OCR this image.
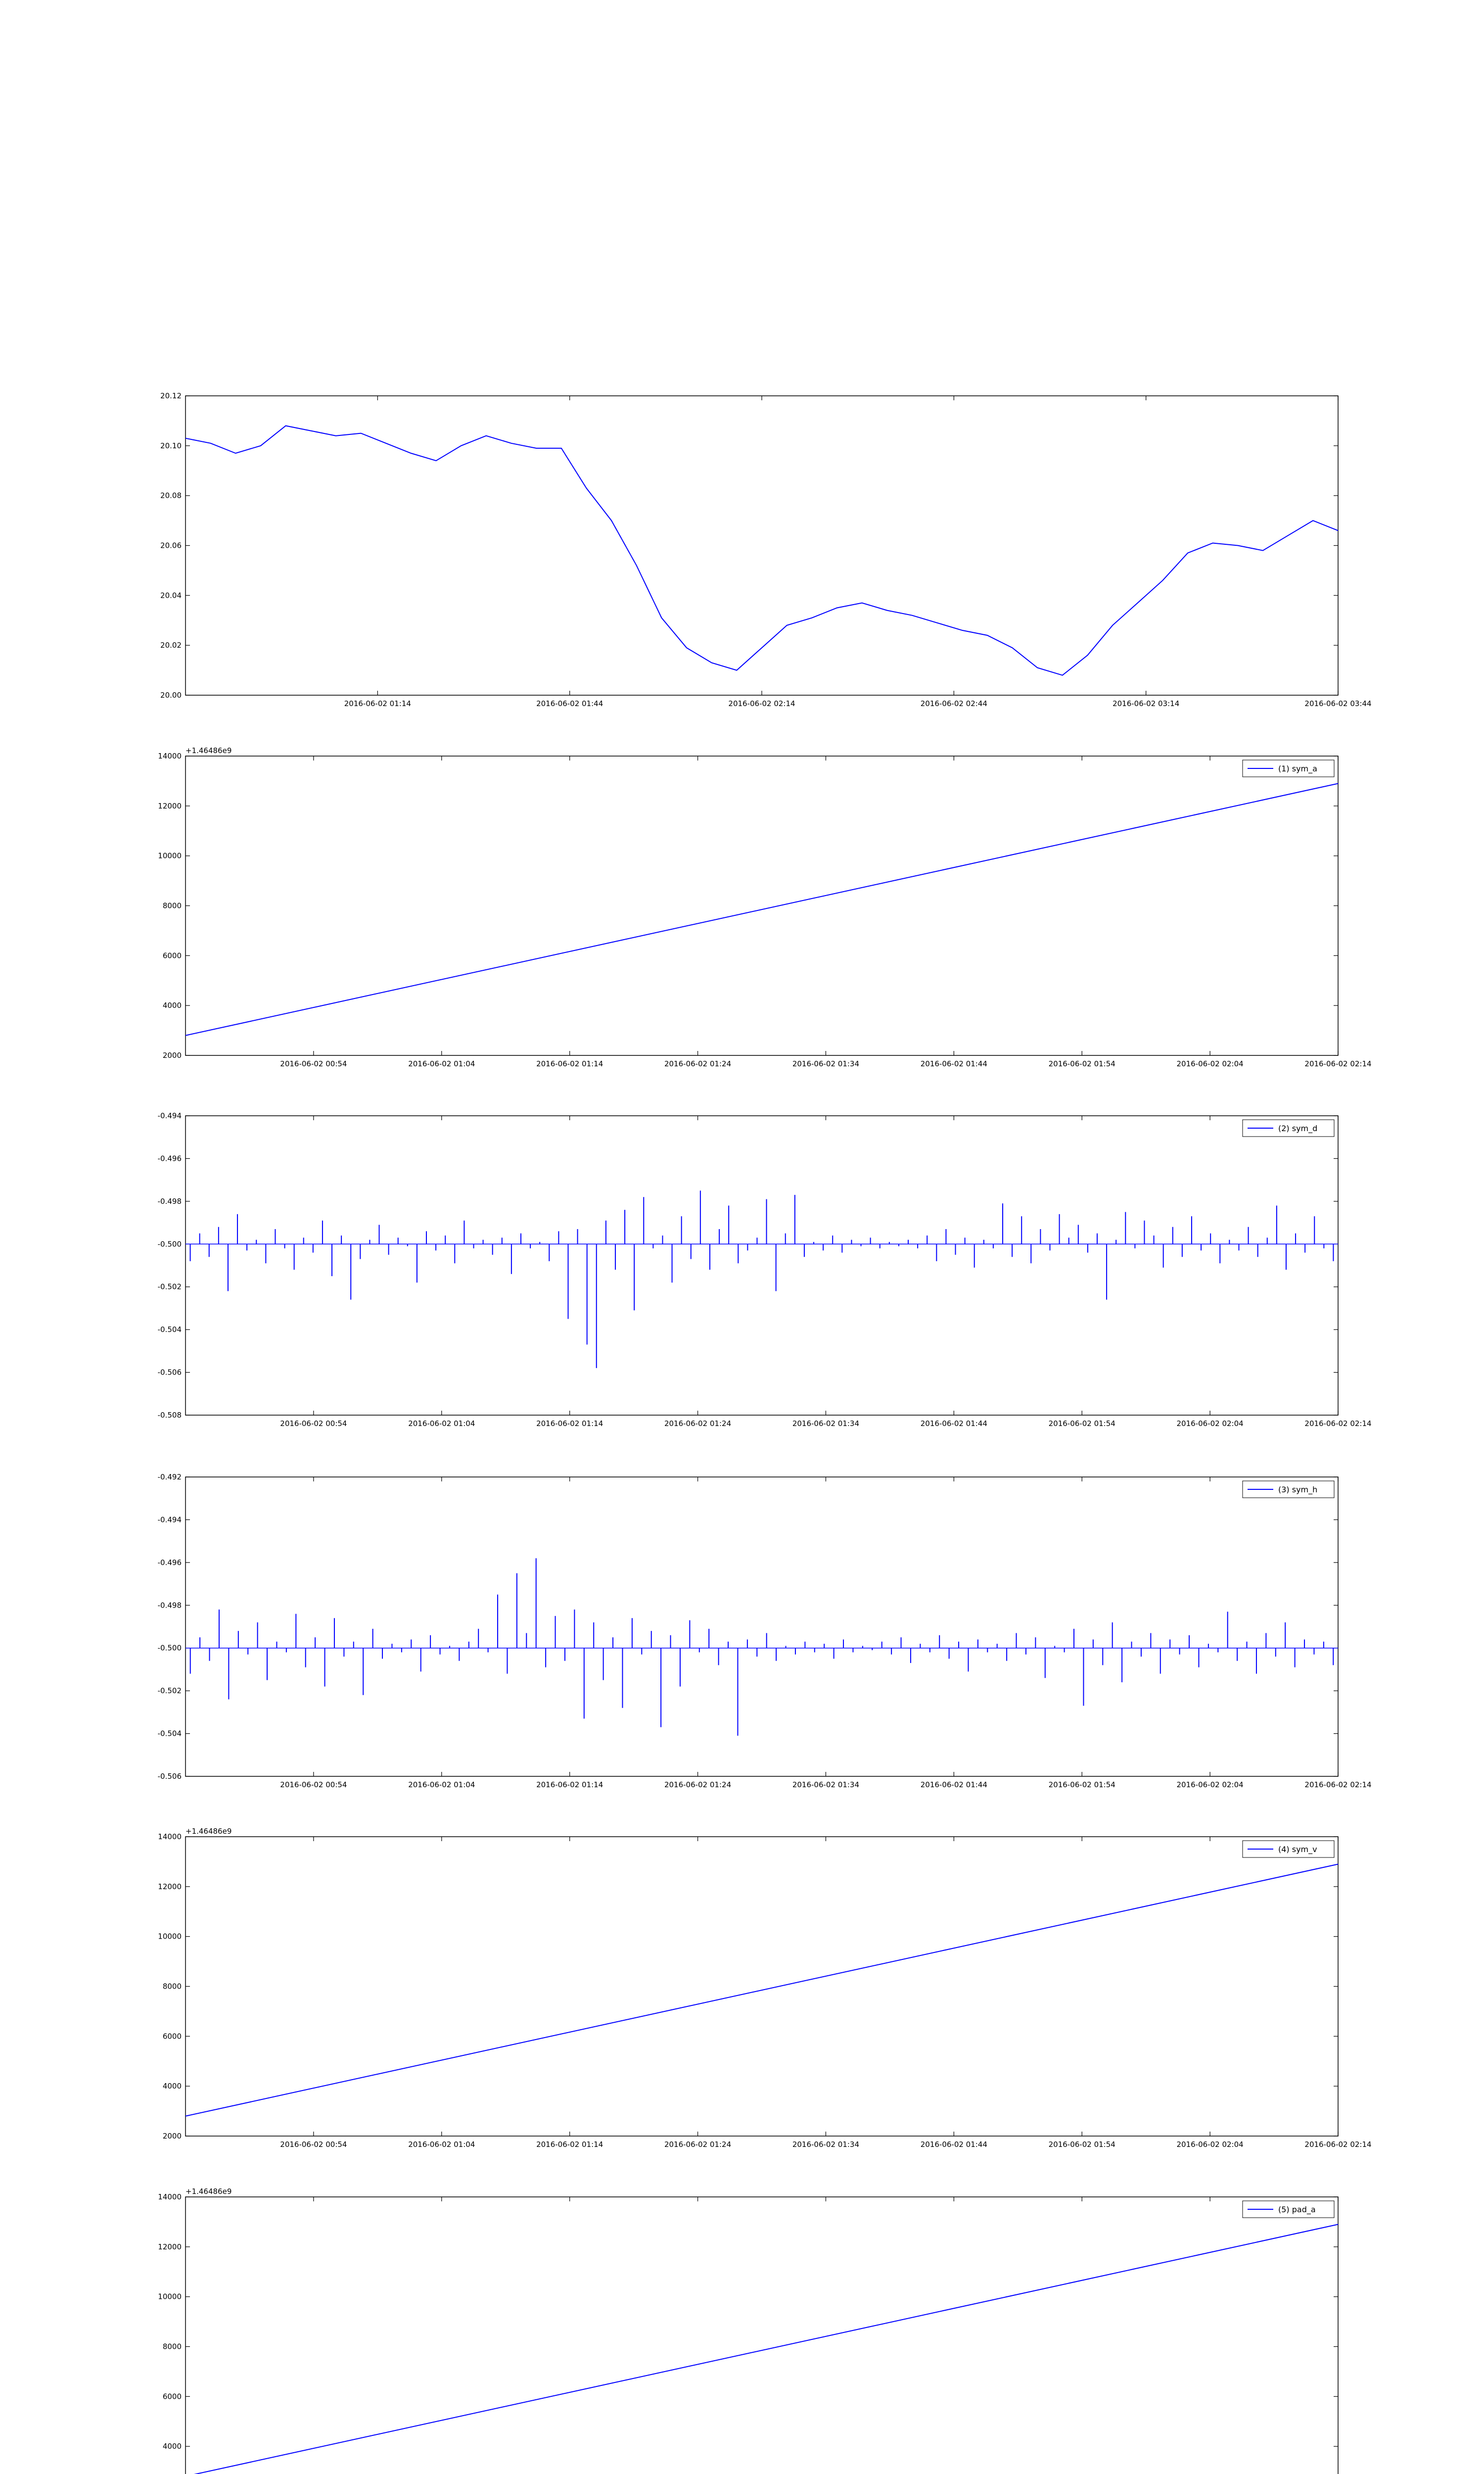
20.00
20.02
20.04
20.06
20.08
20.10
20.12
2016-06-02 01:14	2016-06-02 01:44	2016-06-02 02:14	2016-06-02 02:44	2016-06-02 03:14	2016-06-02 03:44
2000
4000
6000
8000
10000
12000
14000
2016-06-02 00:54	2016-06-02 01:04	2016-06-02 01:14	2016-06-02 01:24	2016-06-02 01:34	2016-06-02 01:44	2016-06-02 01:54	2016-06-02 02:04	2016-06-02 02:14
+1.46486e9
(1) sym_a
-0.508
-0.506
-0.504
-0.502
-0.500
-0.498
-0.496
-0.494
2016-06-02 00:54	2016-06-02 01:04	2016-06-02 01:14	2016-06-02 01:24	2016-06-02 01:34	2016-06-02 01:44	2016-06-02 01:54	2016-06-02 02:04	2016-06-02 02:14
(2) sym_d
-0.506
-0.504
-0.502
-0.500
-0.498
-0.496
-0.494
-0.492
2016-06-02 00:54	2016-06-02 01:04	2016-06-02 01:14	2016-06-02 01:24	2016-06-02 01:34	2016-06-02 01:44	2016-06-02 01:54	2016-06-02 02:04	2016-06-02 02:14
(3) sym_h
2000
4000
6000
8000
10000
12000
14000
2016-06-02 00:54	2016-06-02 01:04	2016-06-02 01:14	2016-06-02 01:24	2016-06-02 01:34	2016-06-02 01:44	2016-06-02 01:54	2016-06-02 02:04	2016-06-02 02:14
+1.46486e9
(4) sym_v
4000
6000
8000
10000
12000
14000
+1.46486e9
(5) pad_a
